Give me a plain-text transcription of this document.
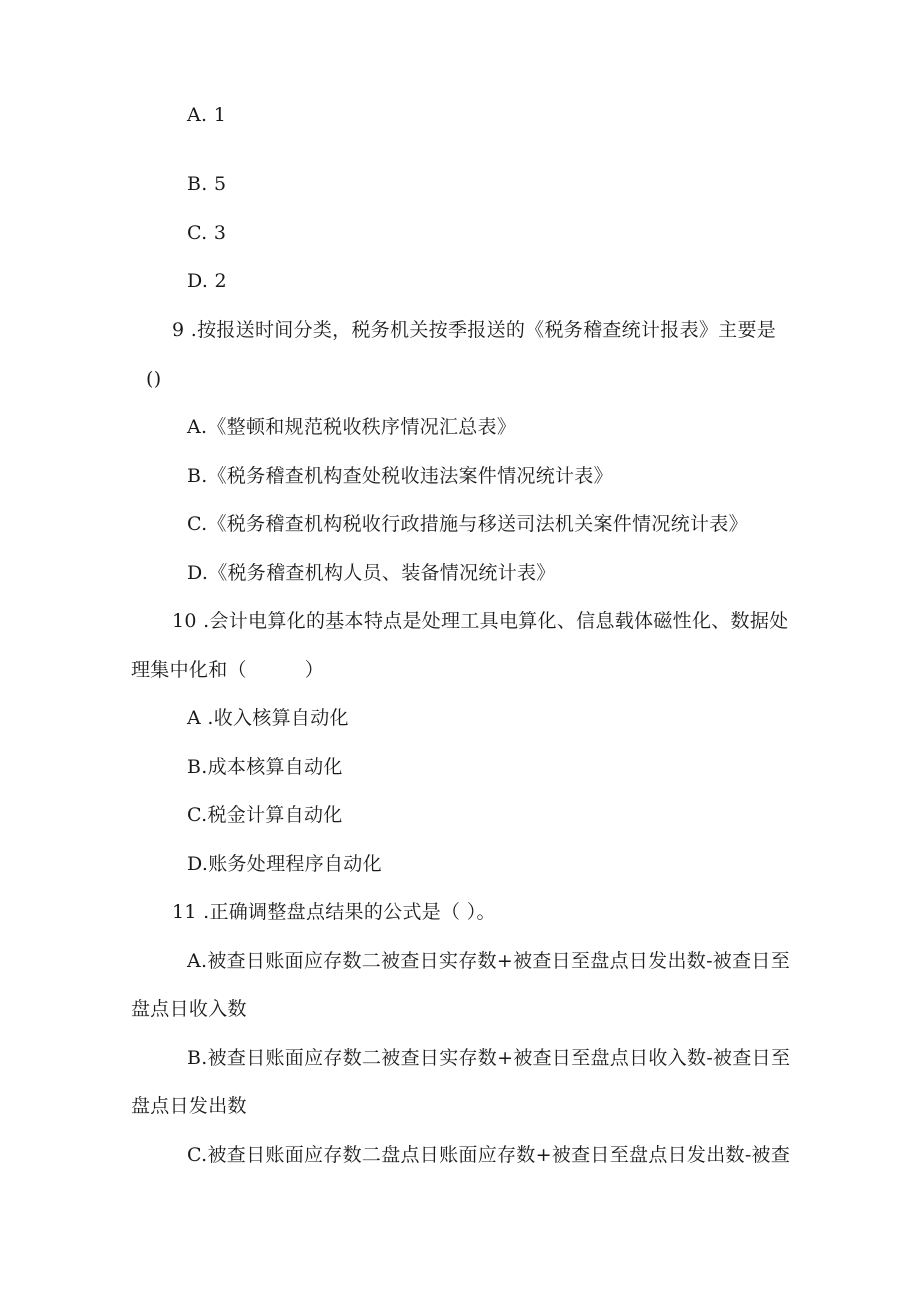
A. 1
B. 5
C. 3
D. 2
9 .按报送时间分类，税务机关按季报送的《税务稽查统计报表》主要是
()
A.《整顿和规范税收秩序情况汇总表》
B.《税务稽查机构查处税收违法案件情况统计表》
C.《税务稽查机构税收行政措施与移送司法机关案件情况统计表》
D.《税务稽查机构人员、装备情况统计表》
10 .会计电算化的基本特点是处理工具电算化、信息载体磁性化、数据处
理集中化和（　　　）
A .收入核算自动化
B.成本核算自动化
C.税金计算自动化
D.账务处理程序自动化
11 .正确调整盘点结果的公式是（ ）。
A.被查日账面应存数二被查日实存数+被查日至盘点日发出数-被查日至
盘点日收入数
B.被查日账面应存数二被查日实存数+被查日至盘点日收入数-被查日至
盘点日发出数
C.被查日账面应存数二盘点日账面应存数+被查日至盘点日发出数-被查
